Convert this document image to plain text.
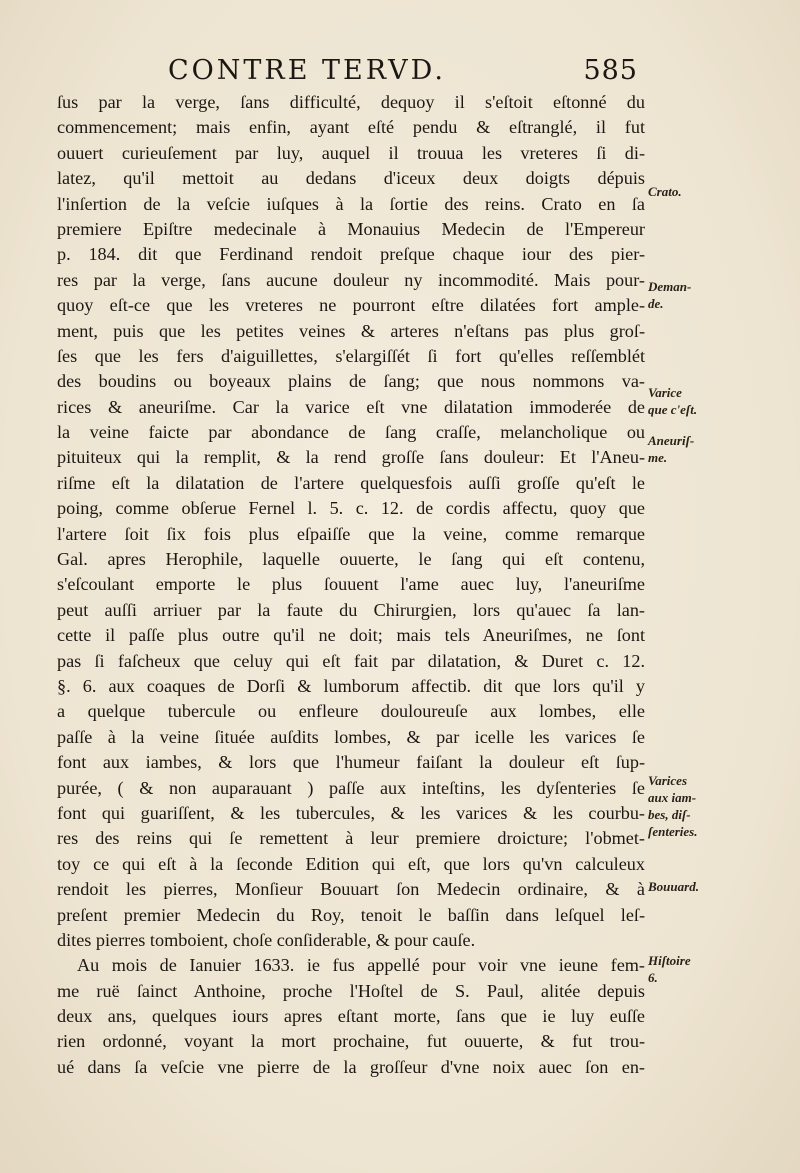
CONTRE TERVD.	585
ſus par la verge, ſans difficulté, dequoy il s'eſtoit eſtonné du
commencement; mais enfin, ayant eſté pendu & eſtranglé, il fut
ouuert curieuſement par luy, auquel il trouua les vreteres ſi di-
latez, qu'il mettoit au dedans d'iceux deux doigts dépuis
l'inſertion de la veſcie iuſques à la ſortie des reins. Crato en ſa
premiere Epiſtre medecinale à Monauius Medecin de l'Empereur
p. 184. dit que Ferdinand rendoit preſque chaque iour des pier-
res par la verge, ſans aucune douleur ny incommodité. Mais pour-
quoy eſt-ce que les vreteres ne pourront eſtre dilatées fort ample-
ment, puis que les petites veines & arteres n'eſtans pas plus groſ-
ſes que les fers d'aiguillettes, s'elargiſſét ſi fort qu'elles reſſemblét
des boudins ou boyeaux plains de ſang; que nous nommons va-
rices & aneuriſme. Car la varice eſt vne dilatation immoderée de
la veine faicte par abondance de ſang craſſe, melancholique ou
pituiteux qui la remplit, & la rend groſſe ſans douleur: Et l'Aneu-
riſme eſt la dilatation de l'artere quelquesfois auſſi groſſe qu'eſt le
poing, comme obſerue Fernel l. 5. c. 12. de cordis affectu, quoy que
l'artere ſoit ſix fois plus eſpaiſſe que la veine, comme remarque
Gal. apres Herophile, laquelle ouuerte, le ſang qui eſt contenu,
s'eſcoulant emporte le plus ſouuent l'ame auec luy, l'aneuriſme
peut auſſi arriuer par la faute du Chirurgien, lors qu'auec ſa lan-
cette il paſſe plus outre qu'il ne doit; mais tels Aneuriſmes, ne ſont
pas ſi faſcheux que celuy qui eſt fait par dilatation, & Duret c. 12.
§. 6. aux coaques de Dorſi & lumborum affectib. dit que lors qu'il y
a quelque tubercule ou enfleure douloureuſe aux lombes, elle
paſſe à la veine ſituée auſdits lombes, & par icelle les varices ſe
font aux iambes, & lors que l'humeur faiſant la douleur eſt ſup-
purée, ( & non auparauant ) paſſe aux inteſtins, les dyſenteries ſe
font qui guariſſent, & les tubercules, & les varices & les courbu-
res des reins qui ſe remettent à leur premiere droicture; l'obmet-
toy ce qui eſt à la ſeconde Edition qui eſt, que lors qu'vn calculeux
rendoit les pierres, Monſieur Bouuart ſon Medecin ordinaire, & à
preſent premier Medecin du Roy, tenoit le baſſin dans leſquel leſ-
dites pierres tomboient, choſe conſiderable, & pour cauſe.
Au mois de Ianuier 1633. ie fus appellé pour voir vne ieune fem-
me ruë ſainct Anthoine, proche l'Hoſtel de S. Paul, alitée depuis
deux ans, quelques iours apres eſtant morte, ſans que ie luy euſſe
rien ordonné, voyant la mort prochaine, fut ouuerte, & fut trou-
ué dans ſa veſcie vne pierre de la groſſeur d'vne noix auec ſon en-
Crato.
Deman-
de.
Varice
que c'eſt.
Aneuriſ-
me.
Varices
aux iam-
bes, diſ-
ſenteries.
Bouuard.
Hiſtoire
6.
